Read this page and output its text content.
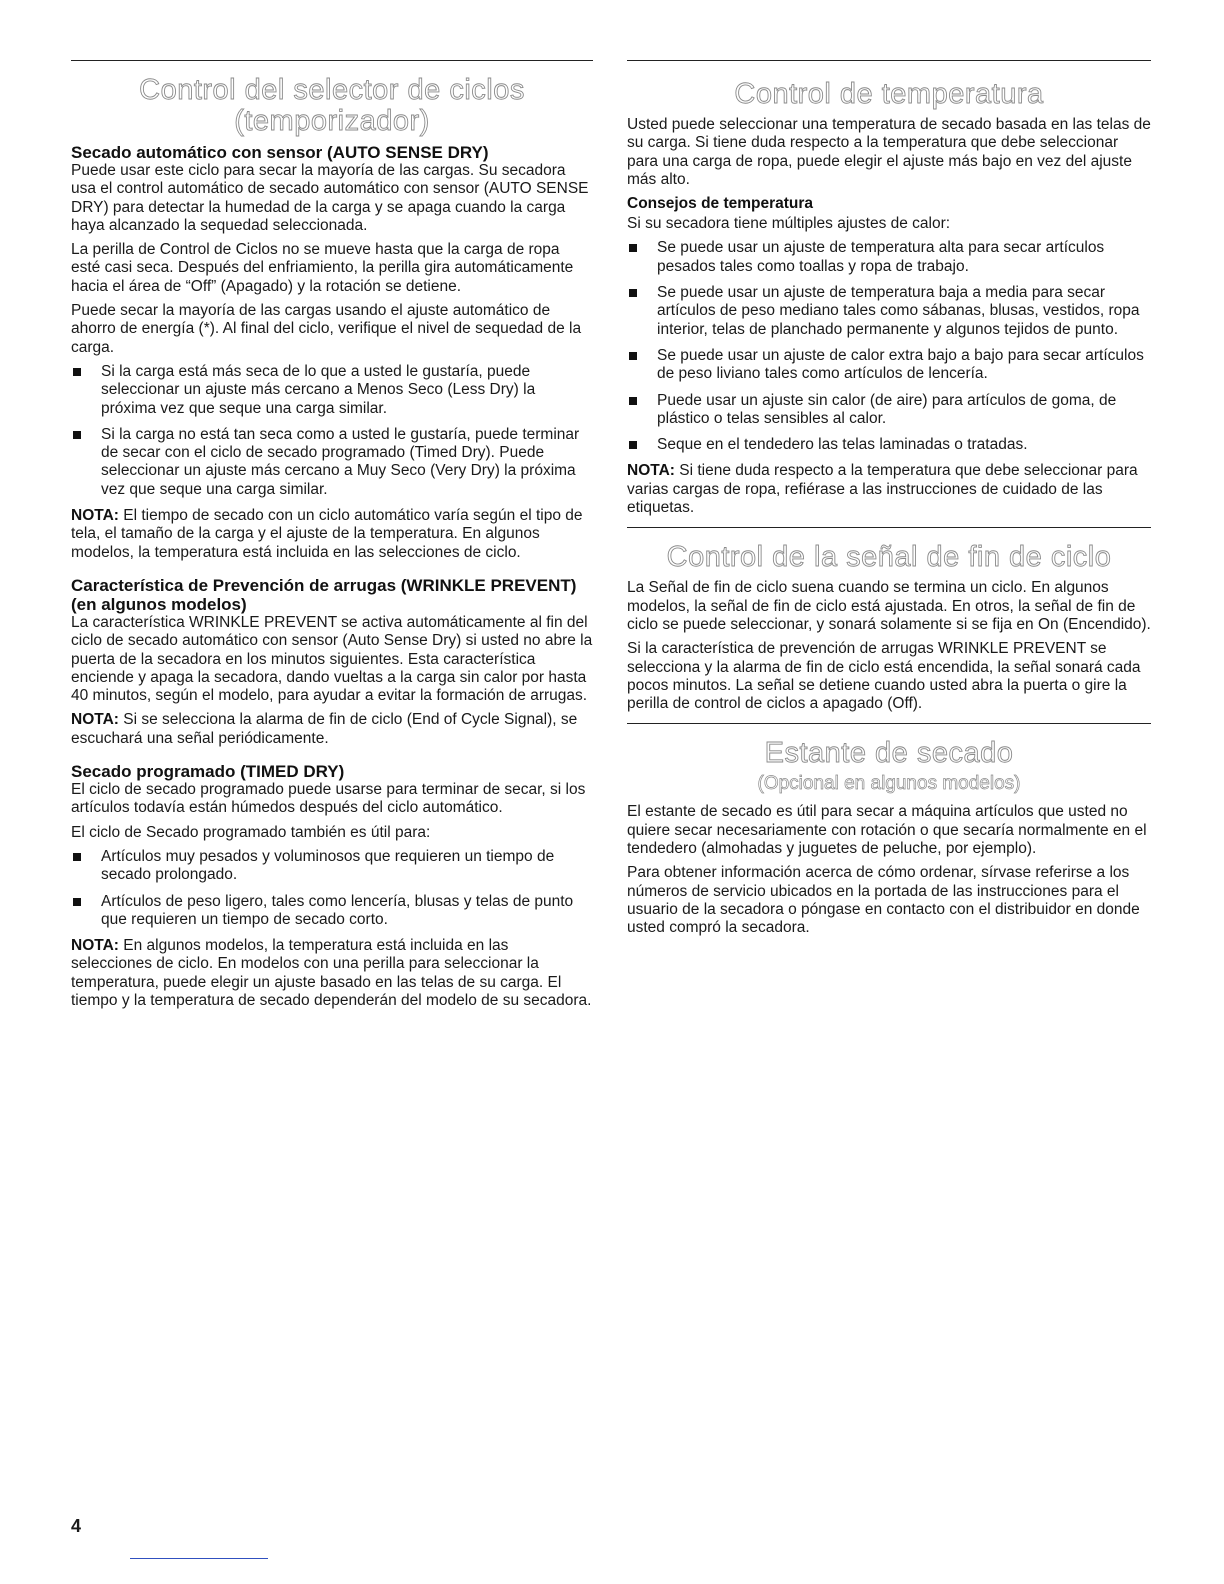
Control del selector de ciclos
(temporizador)
Secado automático con sensor (AUTO SENSE DRY)

Puede usar este ciclo para secar la mayoría de las cargas. Su secadora usa el control automático de secado automático con sensor (AUTO SENSE DRY) para detectar la humedad de la carga y se apaga cuando la carga haya alcanzado la sequedad seleccionada.

La perilla de Control de Ciclos no se mueve hasta que la carga de ropa esté casi seca. Después del enfriamiento, la perilla gira automáticamente hacia el área de “Off” (Apagado) y la rotación se detiene.

Puede secar la mayoría de las cargas usando el ajuste automático de ahorro de energía (*). Al final del ciclo, verifique el nivel de sequedad de la carga.

Si la carga está más seca de lo que a usted le gustaría, puede seleccionar un ajuste más cercano a Menos Seco (Less Dry) la próxima vez que seque una carga similar.
Si la carga no está tan seca como a usted le gustaría, puede terminar de secar con el ciclo de secado programado (Timed Dry). Puede seleccionar un ajuste más cercano a Muy Seco (Very Dry) la próxima vez que seque una carga similar.

NOTA: El tiempo de secado con un ciclo automático varía según el tipo de tela, el tamaño de la carga y el ajuste de la temperatura. En algunos modelos, la temperatura está incluida en las selecciones de ciclo.

Característica de Prevención de arrugas (WRINKLE PREVENT) (en algunos modelos)

La característica WRINKLE PREVENT se activa automáticamente al fin del ciclo de secado automático con sensor (Auto Sense Dry) si usted no abre la puerta de la secadora en los minutos siguientes. Esta característica enciende y apaga la secadora, dando vueltas a la carga sin calor por hasta 40 minutos, según el modelo, para ayudar a evitar la formación de arrugas.

NOTA: Si se selecciona la alarma de fin de ciclo (End of Cycle Signal), se escuchará una señal periódicamente.

Secado programado (TIMED DRY)

El ciclo de secado programado puede usarse para terminar de secar, si los artículos todavía están húmedos después del ciclo automático.

El ciclo de Secado programado también es útil para:

Artículos muy pesados y voluminosos que requieren un tiempo de secado prolongado.
Artículos de peso ligero, tales como lencería, blusas y telas de punto que requieren un tiempo de secado corto.

NOTA: En algunos modelos, la temperatura está incluida en las selecciones de ciclo. En modelos con una perilla para seleccionar la temperatura, puede elegir un ajuste basado en las telas de su carga. El tiempo y la temperatura de secado dependerán del modelo de su secadora.

Control de temperatura

Usted puede seleccionar una temperatura de secado basada en las telas de su carga. Si tiene duda respecto a la temperatura que debe seleccionar para una carga de ropa, puede elegir el ajuste más bajo en vez del ajuste más alto.

Consejos de temperatura

Si su secadora tiene múltiples ajustes de calor:

Se puede usar un ajuste de temperatura alta para secar artículos pesados tales como toallas y ropa de trabajo.
Se puede usar un ajuste de temperatura baja a media para secar artículos de peso mediano tales como sábanas, blusas, vestidos, ropa interior, telas de planchado permanente y algunos tejidos de punto.
Se puede usar un ajuste de calor extra bajo a bajo para secar artículos de peso liviano tales como artículos de lencería.
Puede usar un ajuste sin calor (de aire) para artículos de goma, de plástico o telas sensibles al calor.
Seque en el tendedero las telas laminadas o tratadas.

NOTA: Si tiene duda respecto a la temperatura que debe seleccionar para varias cargas de ropa, refiérase a las instrucciones de cuidado de las etiquetas.

Control de la señal de fin de ciclo

La Señal de fin de ciclo suena cuando se termina un ciclo. En algunos modelos, la señal de fin de ciclo está ajustada. En otros, la señal de fin de ciclo se puede seleccionar, y sonará solamente si se fija en On (Encendido).

Si la característica de prevención de arrugas WRINKLE PREVENT se selecciona y la alarma de fin de ciclo está encendida, la señal sonará cada pocos minutos. La señal se detiene cuando usted abra la puerta o gire la perilla de control de ciclos a apagado (Off).

Estante de secado
(Opcional en algunos modelos)

El estante de secado es útil para secar a máquina artículos que usted no quiere secar necesariamente con rotación o que secaría normalmente en el tendedero (almohadas y juguetes de peluche, por ejemplo).

Para obtener información acerca de cómo ordenar, sírvase referirse a los números de servicio ubicados en la portada de las instrucciones para el usuario de la secadora o póngase en contacto con el distribuidor en donde usted compró la secadora.

4
